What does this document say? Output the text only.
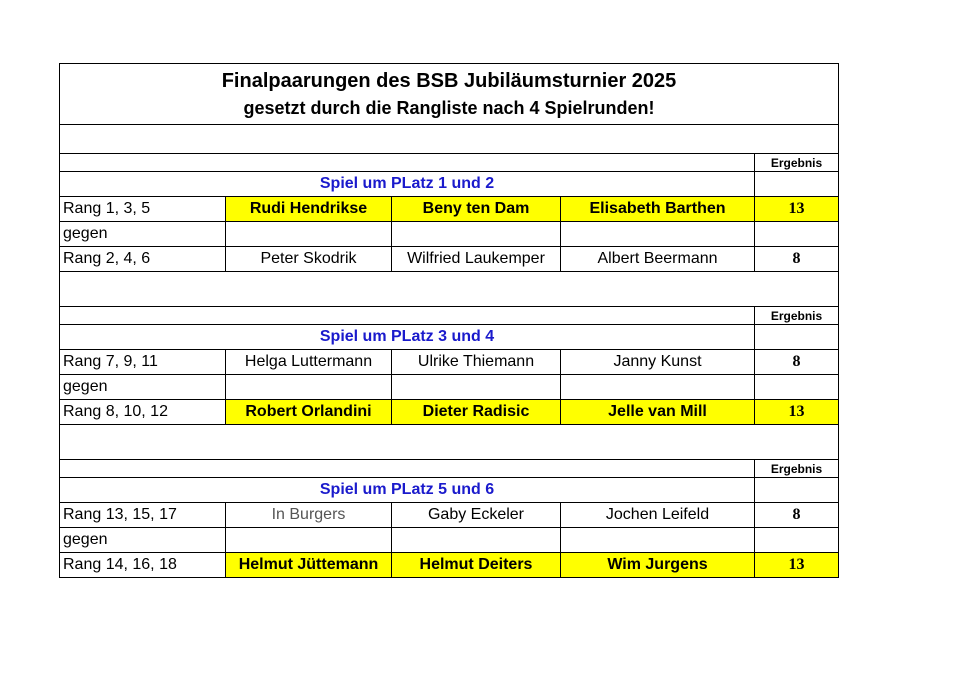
Finalpaarungen des BSB Jubiläumsturnier 2025
gesetzt durch die Rangliste nach 4 Spielrunden!				

				Ergebnis
Spiel um PLatz 1 und 2				
Rang 1, 3, 5	Rudi Hendrikse	Beny ten Dam	Elisabeth Barthen	13
gegen				
Rang 2, 4, 6	Peter Skodrik	Wilfried Laukemper	Albert Beermann	8

				Ergebnis
Spiel um PLatz 3 und 4				
Rang 7, 9, 11	Helga Luttermann	Ulrike Thiemann	Janny Kunst	8
gegen				
Rang 8, 10, 12	Robert Orlandini	Dieter Radisic	Jelle van Mill	13

				Ergebnis
Spiel um PLatz 5 und 6				
Rang 13, 15, 17	In Burgers	Gaby Eckeler	Jochen Leifeld	8
gegen				
Rang 14, 16, 18	Helmut Jüttemann	Helmut Deiters	Wim Jurgens	13
